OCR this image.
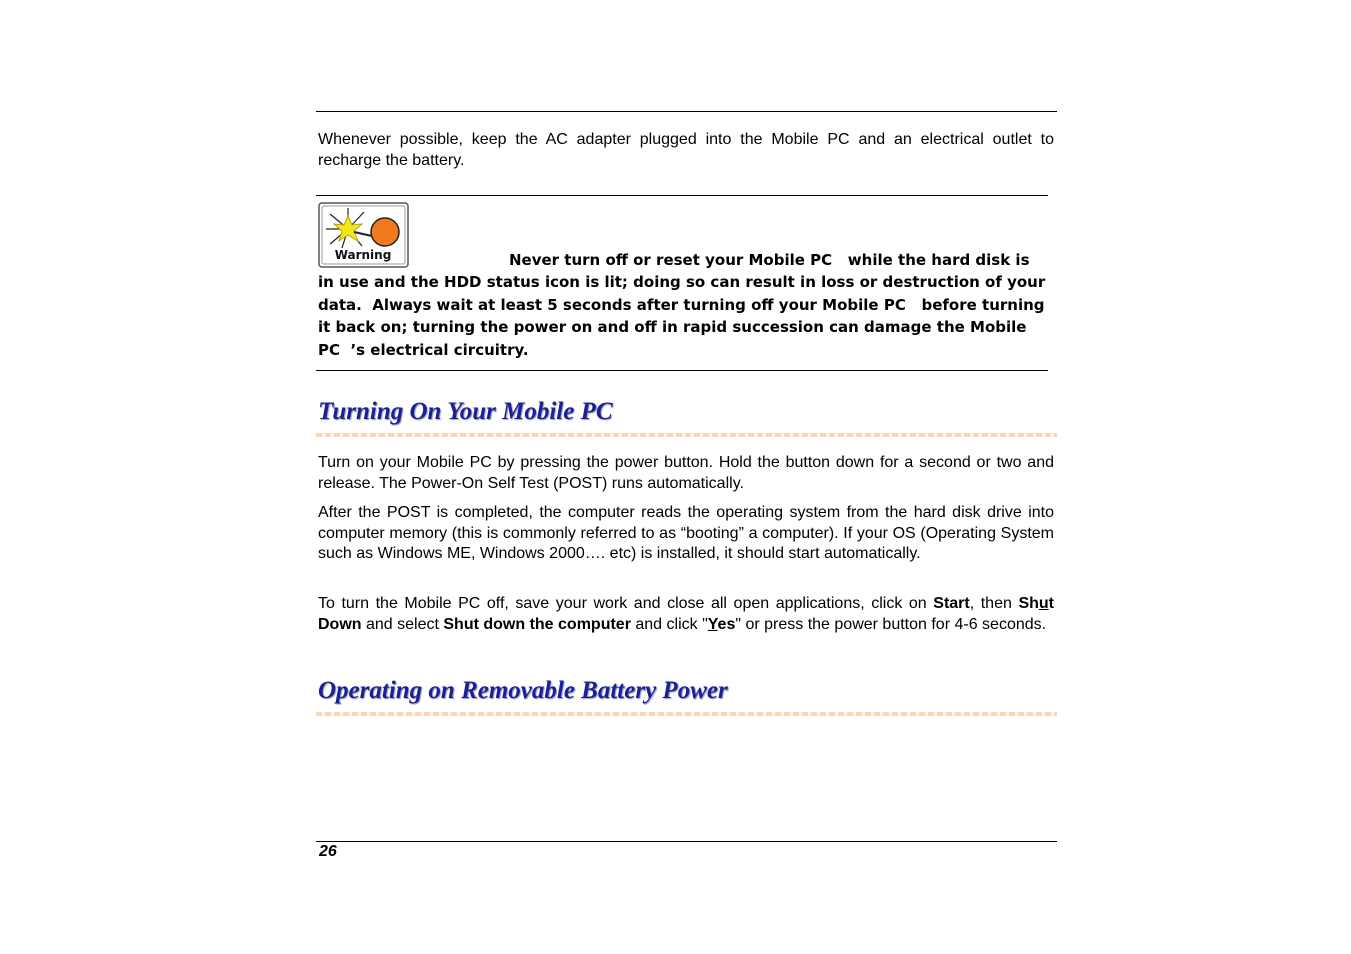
Whenever possible, keep the AC adapter plugged into the Mobile PC and an electrical outlet to recharge the battery.

Warning	Never turn off or reset your Mobile PC   while the hard disk is
in use and the HDD status icon is lit; doing so can result in loss or destruction of your data.  Always wait at least 5 seconds after turning off your Mobile PC   before turning it back on; turning the power on and off in rapid succession can damage the Mobile PC  ’s electrical circuitry.
Turning On Your Mobile PC

Turn on your Mobile PC by pressing the power button. Hold the button down for a second or two and release. The Power-On Self Test (POST) runs automatically.

After the POST is completed, the computer reads the operating system from the hard disk drive into computer memory (this is commonly referred to as “booting” a computer). If your OS (Operating System such as Windows ME, Windows 2000…. etc) is installed, it should start automatically.

To turn the Mobile PC off, save your work and close all open applications, click on Start, then Shut Down and select Shut down the computer and click "Yes" or press the power button for 4-6 seconds.

Operating on Removable Battery Power
26
